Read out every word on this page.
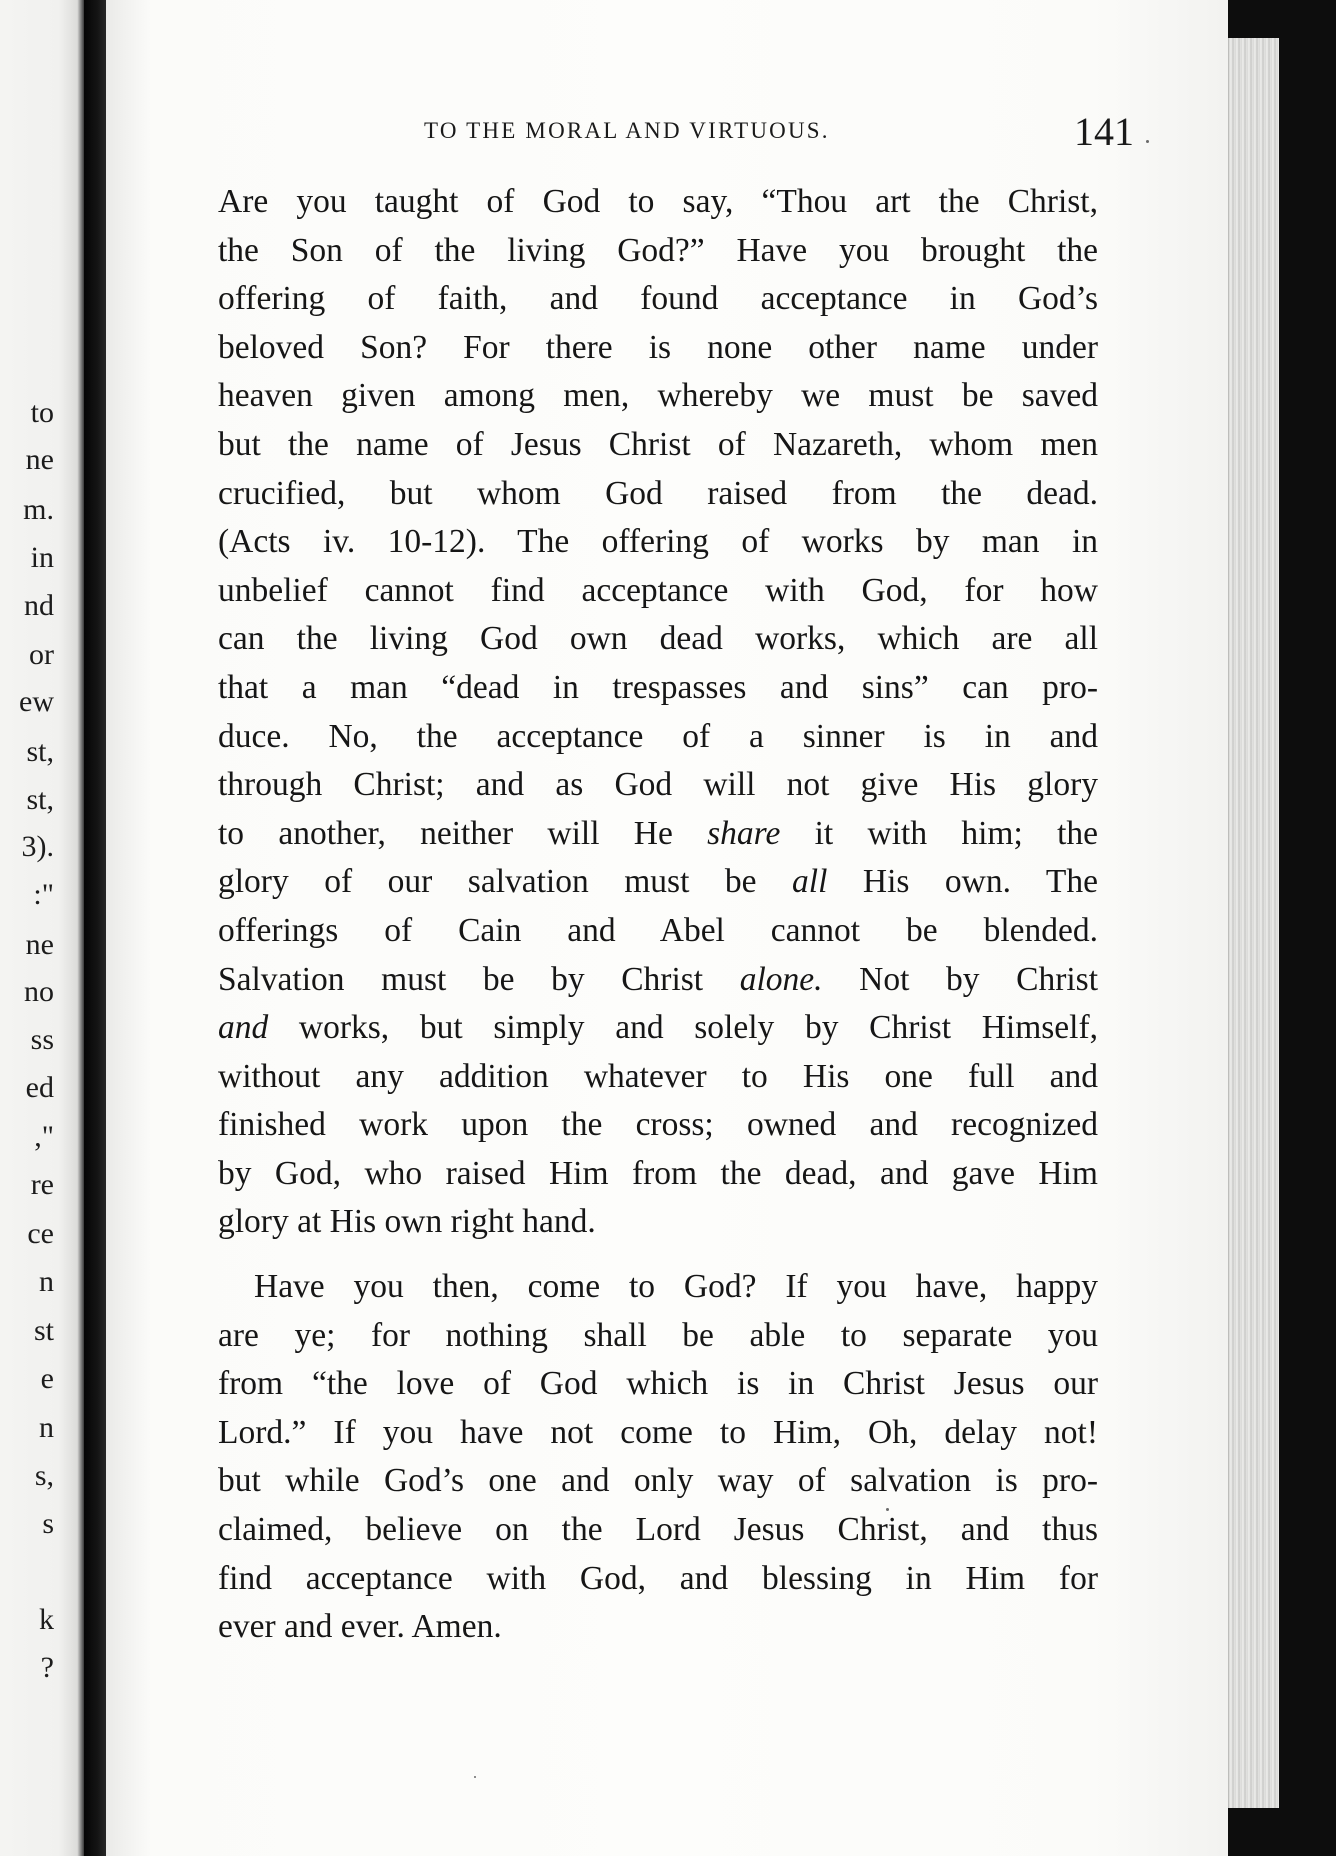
to
ne
m.
in
nd
or
ew
st,
st,
3).
:"
ne
no
ss
ed
,"
re
ce
n
st
e
n
s,
s
k
?
TO THE MORAL AND VIRTUOUS.	141
Are you taught of God to say, “Thou art the Christ,
the Son of the living God?” Have you brought the
offering of faith, and found acceptance in God’s
beloved Son? For there is none other name under
heaven given among men, whereby we must be saved
but the name of Jesus Christ of Nazareth, whom men
crucified, but whom God raised from the dead.
(Acts iv. 10-12). The offering of works by man in
unbelief cannot find acceptance with God, for how
can the living God own dead works, which are all
that a man “dead in trespasses and sins” can pro-
duce. No, the acceptance of a sinner is in and
through Christ; and as God will not give His glory
to another, neither will He share it with him; the
glory of our salvation must be all His own. The
offerings of Cain and Abel cannot be blended.
Salvation must be by Christ alone. Not by Christ
and works, but simply and solely by Christ Himself,
without any addition whatever to His one full and
finished work upon the cross; owned and recognized
by God, who raised Him from the dead, and gave Him
glory at His own right hand.
Have you then, come to God? If you have, happy
are ye; for nothing shall be able to separate you
from “the love of God which is in Christ Jesus our
Lord.” If you have not come to Him, Oh, delay not!
but while God’s one and only way of salvation is pro-
claimed, believe on the Lord Jesus Christ, and thus
find acceptance with God, and blessing in Him for
ever and ever. Amen.
